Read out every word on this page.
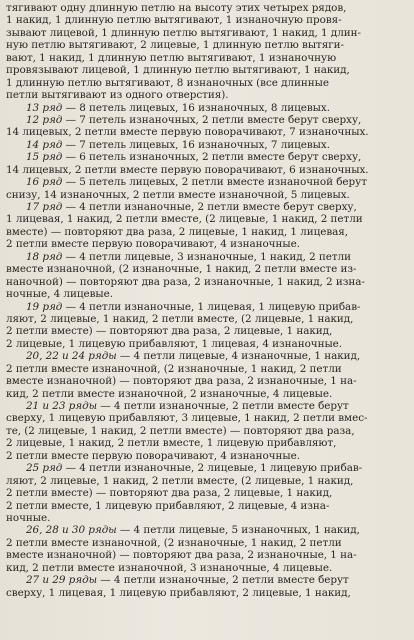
тягивают одну длинную петлю на высоту этих четырех рядов,
1 накид, 1 длинную петлю вытягивают, 1 изнаночную провя-
зывают лицевой, 1 длинную петлю вытягивают, 1 накид, 1 длин-
ную петлю вытягивают, 2 лицевые, 1 длинную петлю вытяги-
вают, 1 накид, 1 длинную петлю вытягивают, 1 изнаночную
провязывают лицевой, 1 длинную петлю вытягивают, 1 накид,
1 длинную петлю вытягивают, 8 изнаночных (все длинные
петли вытягивают из одного отверстия).
13 ряд — 8 петель лицевых, 16 изнаночных, 8 лицевых.
12 ряд — 7 петель изнаночных, 2 петли вместе берут сверху,
14 лицевых, 2 петли вместе первую поворачивают, 7 изнаночных.
14 ряд — 7 петель лицевых, 16 изнаночных, 7 лицевых.
15 ряд — 6 петель изнаночных, 2 петли вместе берут сверху,
14 лицевых, 2 петли вместе первую поворачивают, 6 изнаночных.
16 ряд — 5 петель лицевых, 2 петли вместе изнаночной берут
снизу, 14 изнаночных, 2 петли вместе изнаночной, 5 лицевых.
17 ряд — 4 петли изнаночные, 2 петли вместе берут сверху,
1 лицевая, 1 накид, 2 петли вместе, (2 лицевые, 1 накид, 2 петли
вместе) — повторяют два раза, 2 лицевые, 1 накид, 1 лицевая,
2 петли вместе первую поворачивают, 4 изнаночные.
18 ряд — 4 петли лицевые, 3 изнаночные, 1 накид, 2 петли
вместе изнаночной, (2 изнаночные, 1 накид, 2 петли вместе из-
наночной) — повторяют два раза, 2 изнаночные, 1 накид, 2 изна-
ночные, 4 лицевые.
19 ряд — 4 петли изнаночные, 1 лицевая, 1 лицевую прибав-
ляют, 2 лицевые, 1 накид, 2 петли вместе, (2 лицевые, 1 накид,
2 петли вместе) — повторяют два раза, 2 лицевые, 1 накид,
2 лицевые, 1 лицевую прибавляют, 1 лицевая, 4 изнаночные.
20, 22 и 24 ряды — 4 петли лицевые, 4 изнаночные, 1 накид,
2 петли вместе изнаночной, (2 изнаночные, 1 накид, 2 петли
вместе изнаночной) — повторяют два раза, 2 изнаночные, 1 на-
кид, 2 петли вместе изнаночной, 2 изнаночные, 4 лицевые.
21 и 23 ряды — 4 петли изнаночные, 2 петли вместе берут
сверху, 1 лицевую прибавляют, 3 лицевые, 1 накид, 2 петли вмес-
те, (2 лицевые, 1 накид, 2 петли вместе) — повторяют два раза,
2 лицевые, 1 накид, 2 петли вместе, 1 лицевую прибавляют,
2 петли вместе первую поворачивают, 4 изнаночные.
25 ряд — 4 петли изнаночные, 2 лицевые, 1 лицевую прибав-
ляют, 2 лицевые, 1 накид, 2 петли вместе, (2 лицевые, 1 накид,
2 петли вместе) — повторяют два раза, 2 лицевые, 1 накид,
2 петли вместе, 1 лицевую прибавляют, 2 лицевые, 4 изна-
ночные.
26, 28 и 30 ряды — 4 петли лицевые, 5 изнаночных, 1 накид,
2 петли вместе изнаночной, (2 изнаночные, 1 накид, 2 петли
вместе изнаночной) — повторяют два раза, 2 изнаночные, 1 на-
кид, 2 петли вместе изнаночной, 3 изнаночные, 4 лицевые.
27 и 29 ряды — 4 петли изнаночные, 2 петли вместе берут
сверху, 1 лицевая, 1 лицевую прибавляют, 2 лицевые, 1 накид,
